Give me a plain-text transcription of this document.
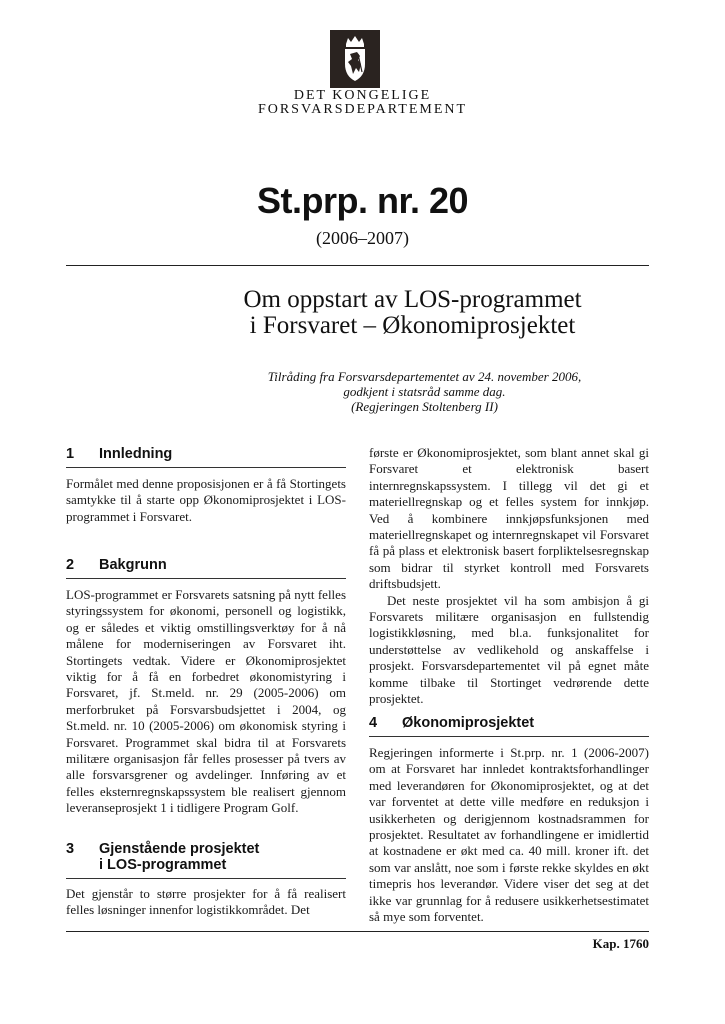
DET KONGELIGE
FORSVARSDEPARTEMENT
St.prp. nr. 20
(2006–2007)
Om oppstart av LOS-programmet
i Forsvaret – Økonomiprosjektet
Tilråding fra Forsvarsdepartementet av 24. november 2006,
godkjent i statsråd samme dag.
(Regjeringen Stoltenberg II)
1 Innledning

Formålet med denne proposisjonen er å få Stortingets samtykke til å starte opp Økonomiprosjektet i LOS-programmet i Forsvaret.

2 Bakgrunn

LOS-programmet er Forsvarets satsning på nytt felles styringssystem for økonomi, personell og logistikk, og er således et viktig omstillingsverktøy for å nå målene for moderniseringen av Forsvaret iht. Stortingets vedtak. Videre er Økonomiprosjektet viktig for å få en forbedret økonomistyring i Forsvaret, jf. St.meld. nr. 29 (2005-2006) om merforbruket på Forsvarsbudsjettet i 2004, og St.meld. nr. 10 (2005-2006) om økonomisk styring i Forsvaret. Programmet skal bidra til at Forsvarets militære organisasjon får felles prosesser på tvers av alle forsvarsgrener og avdelinger. Innføring av et felles eksternregnskapssystem ble realisert gjennom leveranseprosjekt 1 i tidligere Program Golf.

3 Gjenstående prosjektet
i LOS-programmet

Det gjenstår to større prosjekter for å få realisert felles løsninger innenfor logistikkområdet. Det

første er Økonomiprosjektet, som blant annet skal gi Forsvaret et elektronisk basert internregnskapssystem. I tillegg vil det gi et materiellregnskap og et felles system for innkjøp. Ved å kombinere innkjøpsfunksjonen med materiellregnskapet og internregnskapet vil Forsvaret få på plass et elektronisk basert forpliktelsesregnskap som bidrar til styrket kontroll med Forsvarets driftsbudsjett.

Det neste prosjektet vil ha som ambisjon å gi Forsvarets militære organisasjon en fullstendig logistikkløsning, med bl.a. funksjonalitet for understøttelse av vedlikehold og anskaffelse i prosjekt. Forsvarsdepartementet vil på egnet måte komme tilbake til Stortinget vedrørende dette prosjektet.

4 Økonomiprosjektet

Regjeringen informerte i St.prp. nr. 1 (2006-2007) om at Forsvaret har innledet kontraktsforhandlinger med leverandøren for Økonomiprosjektet, og at det var forventet at dette ville medføre en reduksjon i usikkerheten og derigjennom kostnadsrammen for prosjektet. Resultatet av forhandlingene er imidlertid at kostnadene er økt med ca. 40 mill. kroner ift. det som var anslått, noe som i første rekke skyldes en økt timepris hos leverandør. Videre viser det seg at det ikke var grunnlag for å redusere usikkerhetsestimatet så mye som forventet.

Kap. 1760
